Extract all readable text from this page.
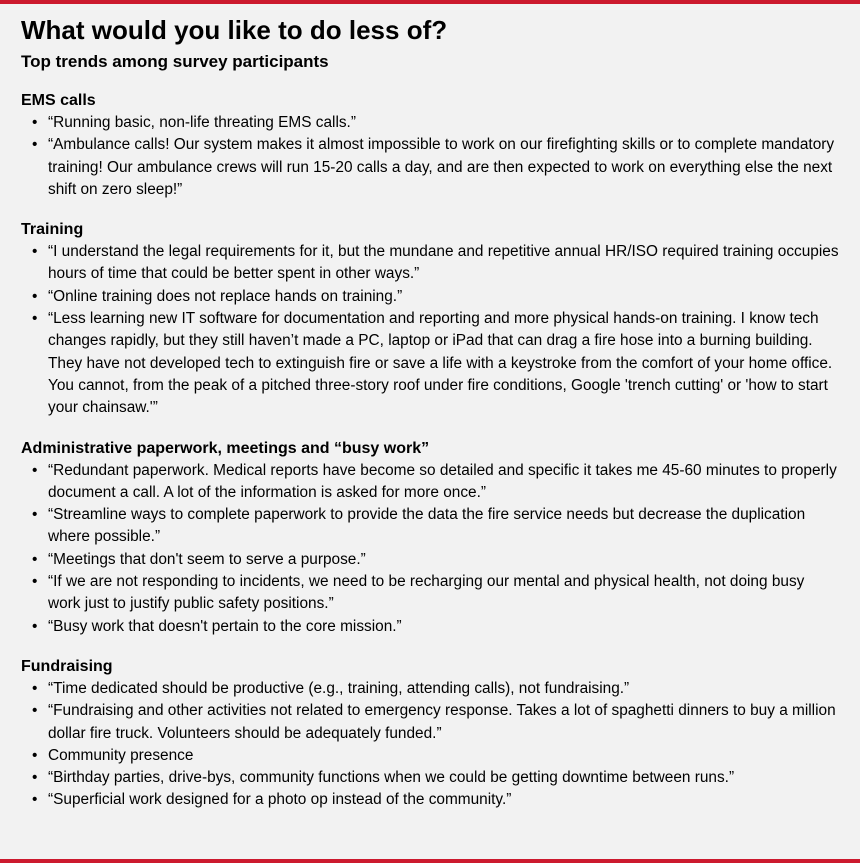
What would you like to do less of?
Top trends among survey participants
EMS calls
• “Running basic, non-life threating EMS calls.”
• “Ambulance calls! Our system makes it almost impossible to work on our firefighting skills or to complete mandatory training! Our ambulance crews will run 15-20 calls a day, and are then expected to work on everything else the next shift on zero sleep!”
Training
• “I understand the legal requirements for it, but the mundane and repetitive annual HR/ISO required training occupies hours of time that could be better spent in other ways.”
• “Online training does not replace hands on training.”
• “Less learning new IT software for documentation and reporting and more physical hands-on training. I know tech changes rapidly, but they still haven’t made a PC, laptop or iPad that can drag a fire hose into a burning building. They have not developed tech to extinguish fire or save a life with a keystroke from the comfort of your home office. You cannot, from the peak of a pitched three-story roof under fire conditions, Google 'trench cutting' or 'how to start your chainsaw.'”
Administrative paperwork, meetings and “busy work”
• “Redundant paperwork. Medical reports have become so detailed and specific it takes me 45-60 minutes to properly document a call. A lot of the information is asked for more once.”
• “Streamline ways to complete paperwork to provide the data the fire service needs but decrease the duplication where possible.”
• “Meetings that don't seem to serve a purpose.”
• “If we are not responding to incidents, we need to be recharging our mental and physical health, not doing busy work just to justify public safety positions.”
• “Busy work that doesn't pertain to the core mission.”
Fundraising
• “Time dedicated should be productive (e.g., training, attending calls), not fundraising.”
• “Fundraising and other activities not related to emergency response. Takes a lot of spaghetti dinners to buy a million dollar fire truck. Volunteers should be adequately funded.”
• Community presence
• “Birthday parties, drive-bys, community functions when we could be getting downtime between runs.”
• “Superficial work designed for a photo op instead of the community.”
